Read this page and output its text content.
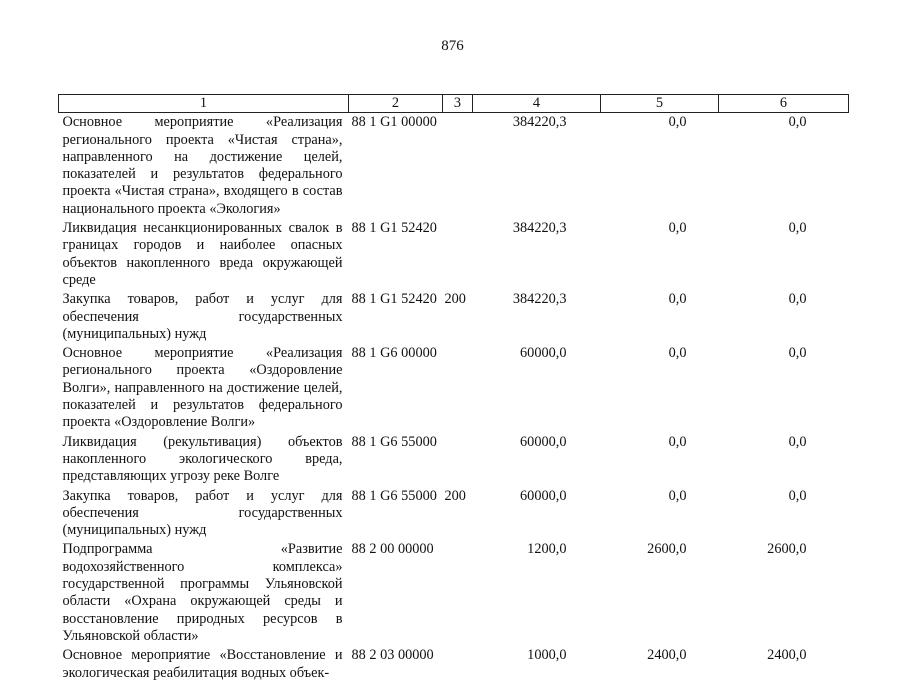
876
1	2	3	4	5	6
Основное мероприятие «Реализация регионального проекта «Чистая страна», направленного на достижение целей, показателей и результатов федерального проекта «Чистая страна», входящего в состав национального проекта «Экология»	88 1 G1 00000		384220,3	0,0	0,0
Ликвидация несанкционированных свалок в границах городов и наиболее опасных объектов накопленного вреда окружающей среде	88 1 G1 52420		384220,3	0,0	0,0
Закупка товаров, работ и услуг для обеспечения государственных (муниципальных) нужд	88 1 G1 52420	200	384220,3	0,0	0,0
Основное мероприятие «Реализация регионального проекта «Оздоровление Волги», направленного на достижение целей, показателей и результатов федерального проекта «Оздоровление Волги»	88 1 G6 00000		60000,0	0,0	0,0
Ликвидация (рекультивация) объектов накопленного экологического вреда, представляющих угрозу реке Волге	88 1 G6 55000		60000,0	0,0	0,0
Закупка товаров, работ и услуг для обеспечения государственных (муниципальных) нужд	88 1 G6 55000	200	60000,0	0,0	0,0
Подпрограмма «Развитие водохозяйственного комплекса» государственной программы Ульяновской области «Охрана окружающей среды и восстановление природных ресурсов в Ульяновской области»	88 2 00 00000		1200,0	2600,0	2600,0
Основное мероприятие «Восстановление и экологическая реабилитация водных объек-	88 2 03 00000		1000,0	2400,0	2400,0
